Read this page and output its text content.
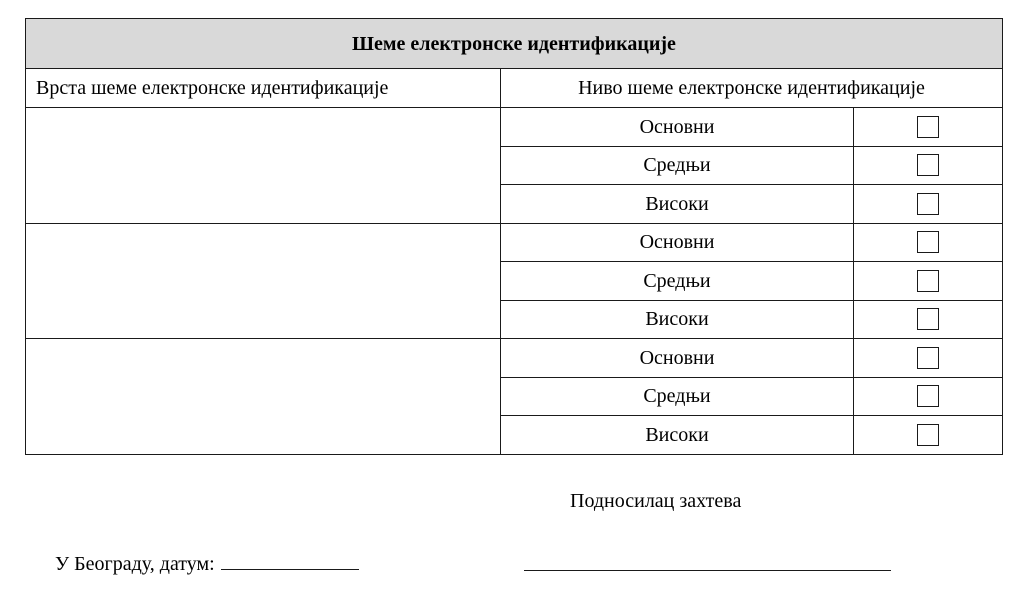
Шеме електронске идентификације		
Врста шеме електронске идентификације	Ниво шеме електронске идентификације	
	Основни	
	Средњи	
	Високи	
	Основни	
	Средњи	
	Високи	
	Основни	
	Средњи	
	Високи	
Подносилац захтева
У Београду, датум:
